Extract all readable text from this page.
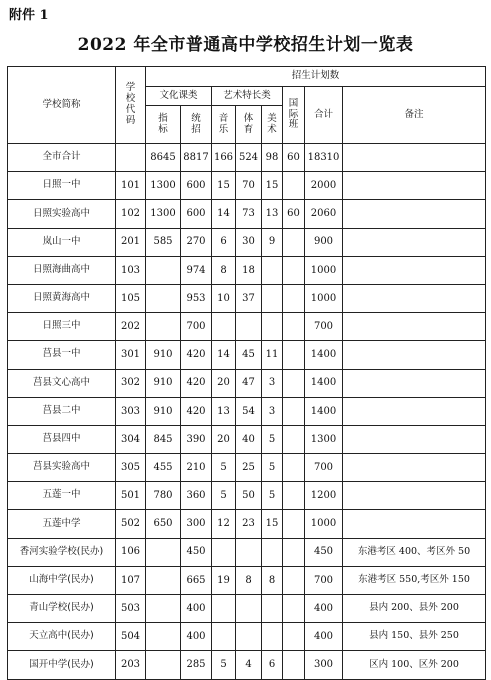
附件 1
2022 年全市普通高中学校招生计划一览表
学校简称	学校代码	招生计划数							
		文化课类		艺术特长类			国际班	合计	备注
		指标	统招	音乐	体育	美术			
全市合计		8645	8817	166	524	98	60	18310	
日照一中	101	1300	600	15	70	15		2000	
日照实验高中	102	1300	600	14	73	13	60	2060	
岚山一中	201	585	270	6	30	9		900	
日照海曲高中	103		974	8	18			1000	
日照黄海高中	105		953	10	37			1000	
日照三中	202		700					700	
莒县一中	301	910	420	14	45	11		1400	
莒县文心高中	302	910	420	20	47	3		1400	
莒县二中	303	910	420	13	54	3		1400	
莒县四中	304	845	390	20	40	5		1300	
莒县实验高中	305	455	210	5	25	5		700	
五莲一中	501	780	360	5	50	5		1200	
五莲中学	502	650	300	12	23	15		1000	
香河实验学校(民办)	106		450					450	东港考区 400、考区外 50
山海中学(民办)	107		665	19	8	8		700	东港考区 550,考区外 150
青山学校(民办)	503		400					400	县内 200、县外 200
天立高中(民办)	504		400					400	县内 150、县外 250
国开中学(民办)	203		285	5	4	6		300	区内 100、区外 200
